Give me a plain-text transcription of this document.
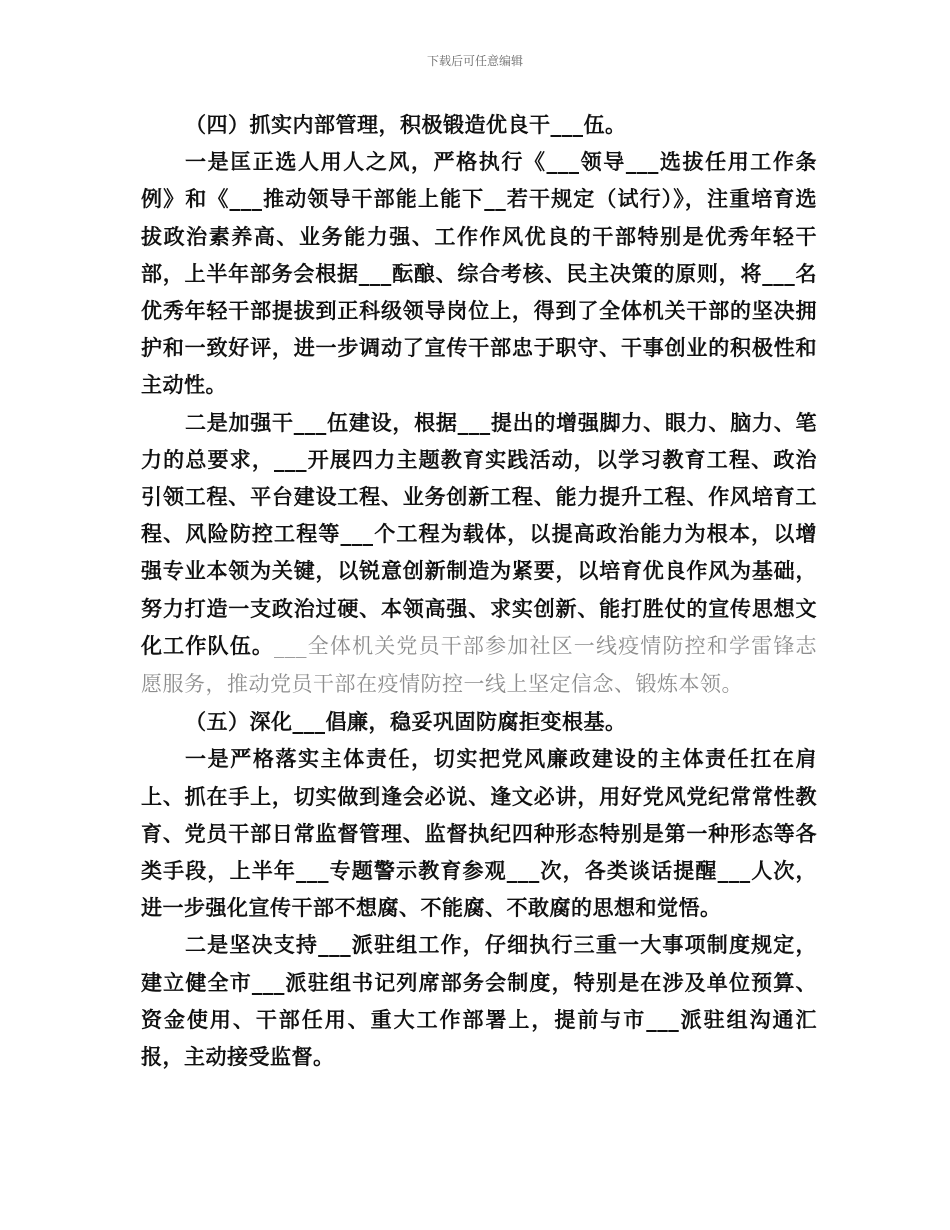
下载后可任意编辑

（四）抓实内部管理，积极锻造优良干___伍。

一是匡正选人用人之风，严格执行《___领导___选拔任用工作条例》和《___推动领导干部能上能下__若干规定（试行）》，注重培育选拔政治素养高、业务能力强、工作作风优良的干部特别是优秀年轻干部，上半年部务会根据___酝酿、综合考核、民主决策的原则，将___名优秀年轻干部提拔到正科级领导岗位上，得到了全体机关干部的坚决拥护和一致好评，进一步调动了宣传干部忠于职守、干事创业的积极性和主动性。

二是加强干___伍建设，根据___提出的增强脚力、眼力、脑力、笔力的总要求，___开展四力主题教育实践活动，以学习教育工程、政治引领工程、平台建设工程、业务创新工程、能力提升工程、作风培育工程、风险防控工程等___个工程为载体，以提高政治能力为根本，以增强专业本领为关键，以锐意创新制造为紧要，以培育优良作风为基础，努力打造一支政治过硬、本领高强、求实创新、能打胜仗的宣传思想文化工作队伍。___全体机关党员干部参加社区一线疫情防控和学雷锋志愿服务，推动党员干部在疫情防控一线上坚定信念、锻炼本领。

（五）深化___倡廉，稳妥巩固防腐拒变根基。

一是严格落实主体责任，切实把党风廉政建设的主体责任扛在肩上、抓在手上，切实做到逢会必说、逢文必讲，用好党风党纪常常性教育、党员干部日常监督管理、监督执纪四种形态特别是第一种形态等各类手段，上半年___专题警示教育参观___次，各类谈话提醒___人次，进一步强化宣传干部不想腐、不能腐、不敢腐的思想和觉悟。

二是坚决支持___派驻组工作，仔细执行三重一大事项制度规定，建立健全市___派驻组书记列席部务会制度，特别是在涉及单位预算、资金使用、干部任用、重大工作部署上，提前与市___派驻组沟通汇报，主动接受监督。
